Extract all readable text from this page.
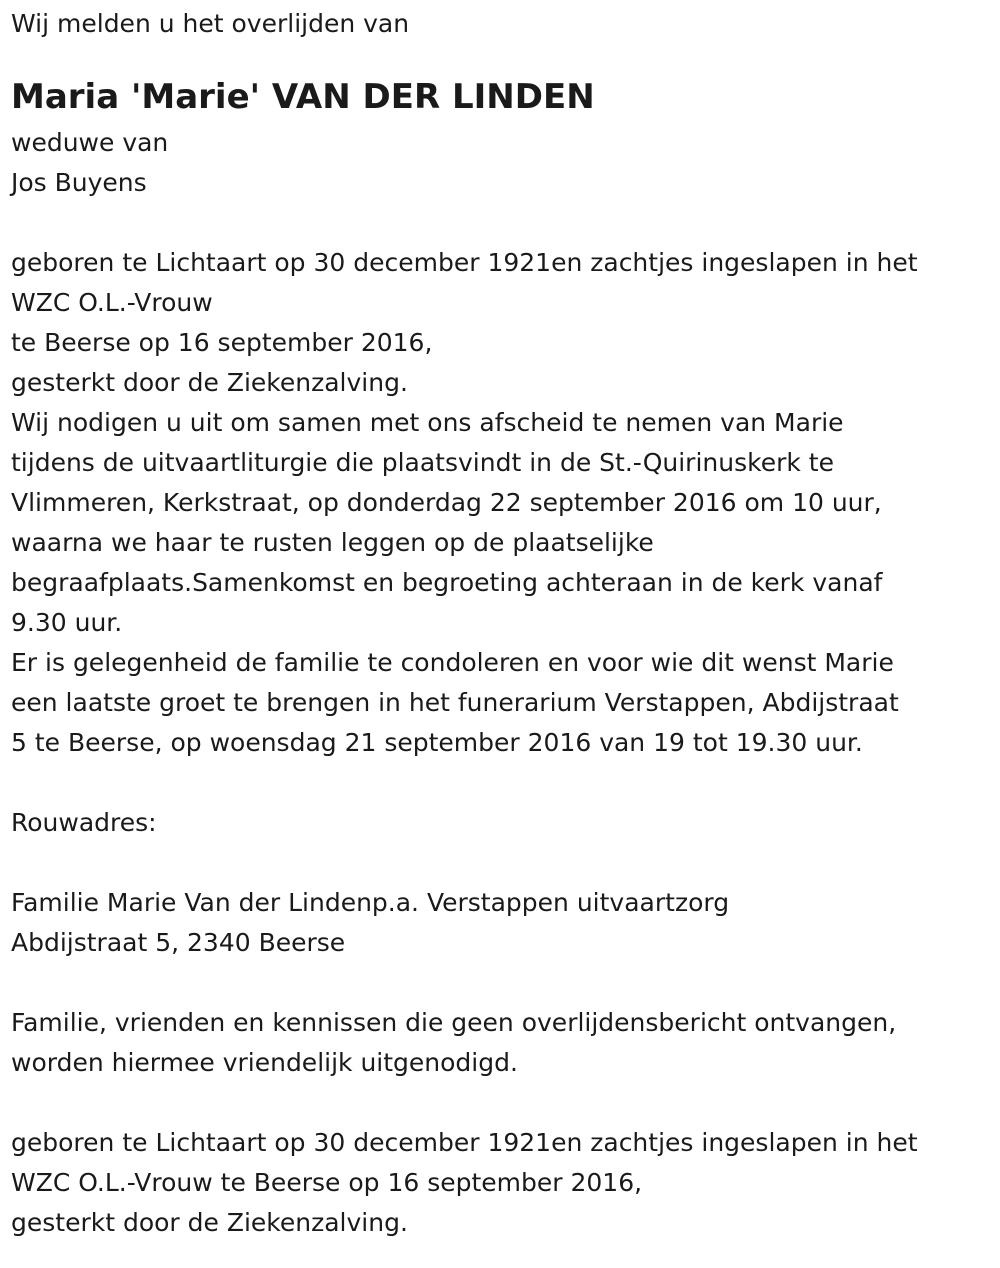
Wij melden u het overlijden van

Maria 'Marie' VAN DER LINDEN

weduwe van

Jos Buyens

geboren te Lichtaart op 30 december 1921en zachtjes ingeslapen in het

WZC O.L.-Vrouw

te Beerse op 16 september 2016,

gesterkt door de Ziekenzalving.

Wij nodigen u uit om samen met ons afscheid te nemen van Marie

tijdens de uitvaartliturgie die plaatsvindt in de St.-Quirinuskerk te

Vlimmeren, Kerkstraat, op donderdag 22 september 2016 om 10 uur,

waarna we haar te rusten leggen op de plaatselijke

begraafplaats.Samenkomst en begroeting achteraan in de kerk vanaf

9.30 uur.

Er is gelegenheid de familie te condoleren en voor wie dit wenst Marie

een laatste groet te brengen in het funerarium Verstappen, Abdijstraat

5 te Beerse, op woensdag 21 september 2016 van 19 tot 19.30 uur.

Rouwadres:

Familie Marie Van der Lindenp.a. Verstappen uitvaartzorg

Abdijstraat 5, 2340 Beerse

Familie, vrienden en kennissen die geen overlijdensbericht ontvangen,

worden hiermee vriendelijk uitgenodigd.

geboren te Lichtaart op 30 december 1921en zachtjes ingeslapen in het

WZC O.L.-Vrouw te Beerse op 16 september 2016,

gesterkt door de Ziekenzalving.
